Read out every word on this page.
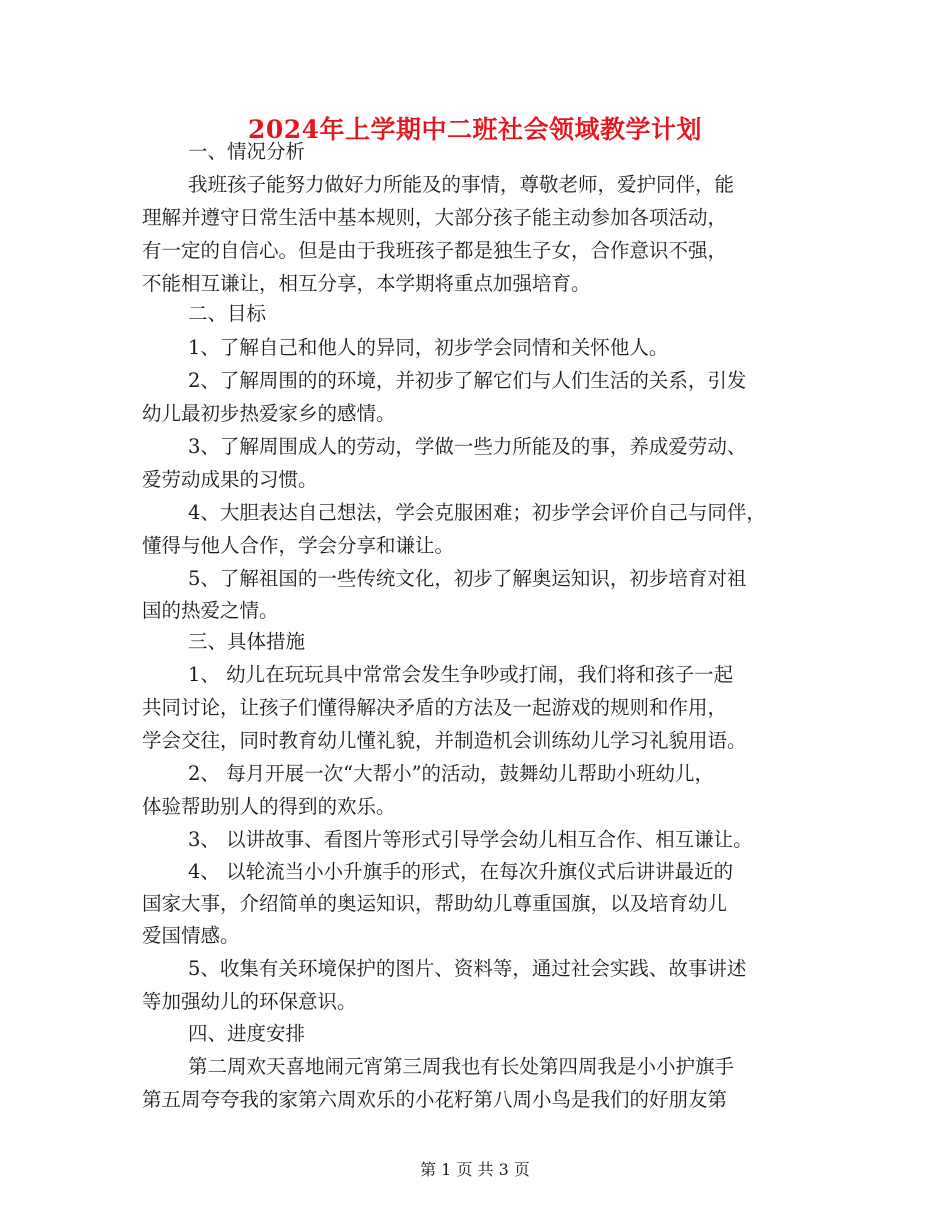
2024年上学期中二班社会领域教学计划
一、情况分析
我班孩子能努力做好力所能及的事情，尊敬老师，爱护同伴，能
理解并遵守日常生活中基本规则，大部分孩子能主动参加各项活动，
有一定的自信心。但是由于我班孩子都是独生子女，合作意识不强，
不能相互谦让，相互分享，本学期将重点加强培育。
二、目标
1、了解自己和他人的异同，初步学会同情和关怀他人。
2、了解周围的的环境，并初步了解它们与人们生活的关系，引发
幼儿最初步热爱家乡的感情。
3、了解周围成人的劳动，学做一些力所能及的事，养成爱劳动、
爱劳动成果的习惯。
4、大胆表达自己想法，学会克服困难；初步学会评价自己与同伴，
懂得与他人合作，学会分享和谦让。
5、了解祖国的一些传统文化，初步了解奥运知识，初步培育对祖
国的热爱之情。
三、具体措施
1、 幼儿在玩玩具中常常会发生争吵或打闹，我们将和孩子一起
共同讨论，让孩子们懂得解决矛盾的方法及一起游戏的规则和作用，
学会交往，同时教育幼儿懂礼貌，并制造机会训练幼儿学习礼貌用语。
2、 每月开展一次“大帮小”的活动，鼓舞幼儿帮助小班幼儿，
体验帮助别人的得到的欢乐。
3、 以讲故事、看图片等形式引导学会幼儿相互合作、相互谦让。
4、 以轮流当小小升旗手的形式，在每次升旗仪式后讲讲最近的
国家大事，介绍简单的奥运知识，帮助幼儿尊重国旗，以及培育幼儿
爱国情感。
5、收集有关环境保护的图片、资料等，通过社会实践、故事讲述
等加强幼儿的环保意识。
四、进度安排
第二周欢天喜地闹元宵第三周我也有长处第四周我是小小护旗手
第五周夸夸我的家第六周欢乐的小花籽第八周小鸟是我们的好朋友第
第 1 页 共 3 页
